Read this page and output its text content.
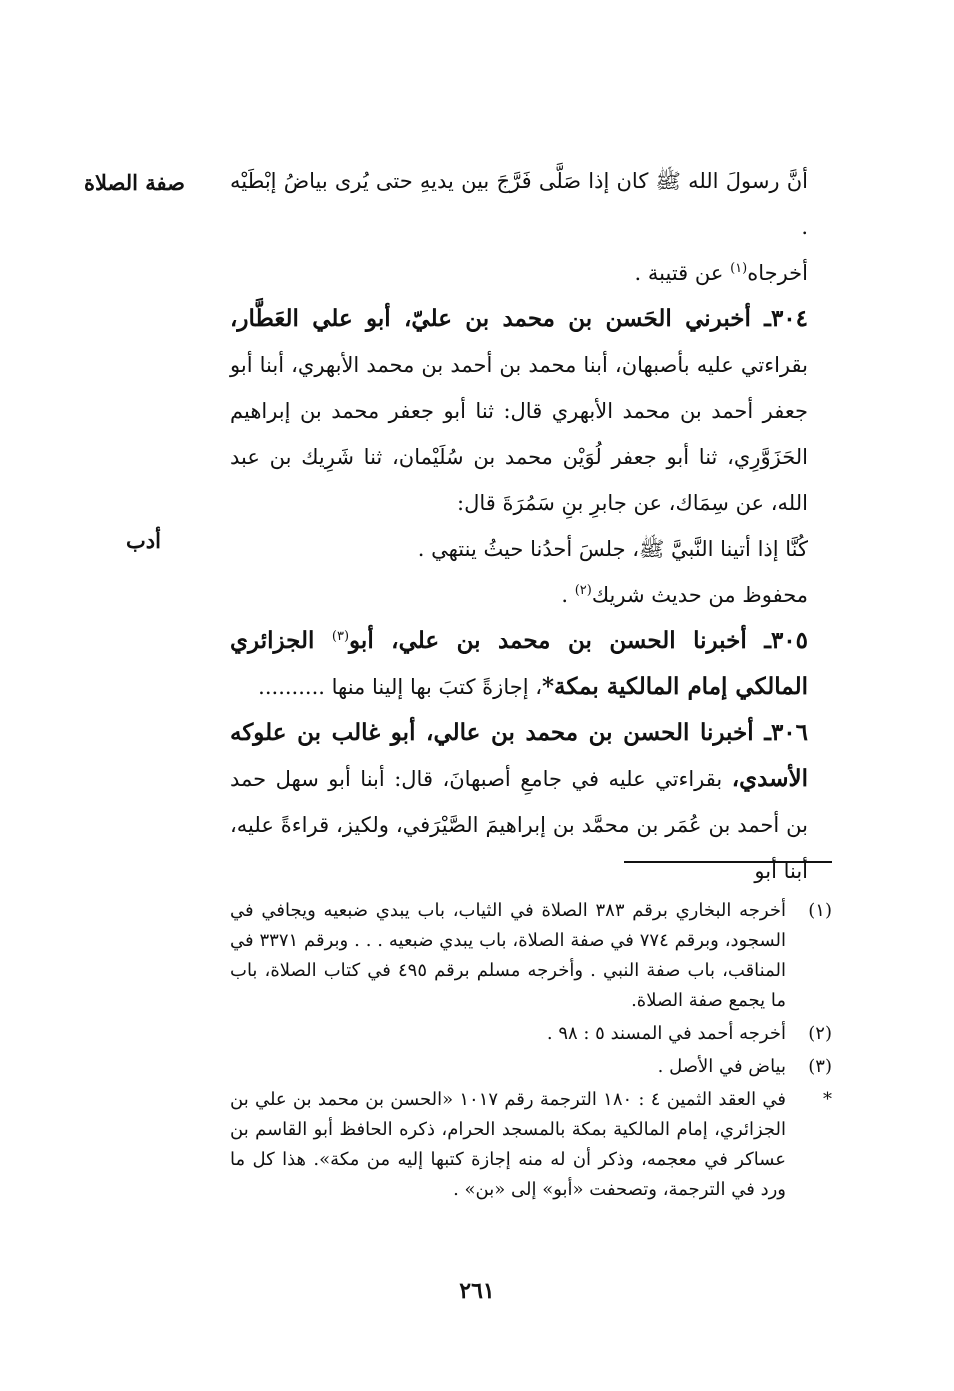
صفة الصلاة
أدب

أنَّ رسولَ الله ﷺ كان إذا صَلَّى فَرَّجَ بين يديهِ حتى يُرى بياضُ إبْطَيْه .

أخرجاه$^{(١)}$ عن قتيبة .

٣٠٤ـ أخبرني الحَسن بن محمد بن عليّ، أبو علي العَطَّار، بقراءتي عليه بأصبهان، أبنا محمد بن أحمد بن محمد الأبهري، أبنا أبو جعفر أحمد بن محمد الأبهري قال: ثنا أبو جعفر محمد بن إبراهيم الحَزَوَّرِي، ثنا أبو جعفر لُوَيْن محمد بن سُلَيْمان، ثنا شَرِيك بن عبد الله، عن سِمَاك، عن جابرِ بنِ سَمُرَةَ قال:

كُنَّا إذا أتينا النَّبيَّ ﷺ، جلسَ أحدُنا حيثُ ينتهي .

محفوظ من حديث شريك$^{(٢)}$ .

٣٠٥ـ أخبرنا الحسن بن محمد بن علي، أبو$^{(٣)}$ الجزائري المالكي إمام المالكية بمكة*، إجازةً كتبَ بها إلينا منها ..........

٣٠٦ـ أخبرنا الحسن بن محمد بن عالي، أبو غالب بن علوكه الأسدي، بقراءتي عليه في جامعِ أصبهانَ، قال: أبنا أبو سهل حمد بن أحمد بن عُمَر بن محمَّد بن إبراهيمَ الصَّيْرَفي، ولكيز، قراءةً عليه، أبنا أبو

(١)
أخرجه البخاري برقم ٣٨٣ الصلاة في الثياب، باب يبدي ضبعيه ويجافي في السجود، وبرقم ٧٧٤ في صفة الصلاة، باب يبدي ضبعيه . . . وبرقم ٣٣٧١ في المناقب، باب صفة النبي . وأخرجه مسلم برقم ٤٩٥ في كتاب الصلاة، باب ما يجمع صفة الصلاة.
(٢)
أخرجه أحمد في المسند ٥ : ٩٨ .
(٣)
بياض في الأصل .
*
في العقد الثمين ٤ : ١٨٠ الترجمة رقم ١٠١٧ «الحسن بن محمد بن علي بن الجزائري، إمام المالكية بمكة بالمسجد الحرام، ذكره الحافظ أبو القاسم بن عساكر في معجمه، وذكر أن له منه إجازة كتبها إليه من مكة». هذا كل ما ورد في الترجمة، وتصحفت «أبو» إلى «بن» .
٢٦١
